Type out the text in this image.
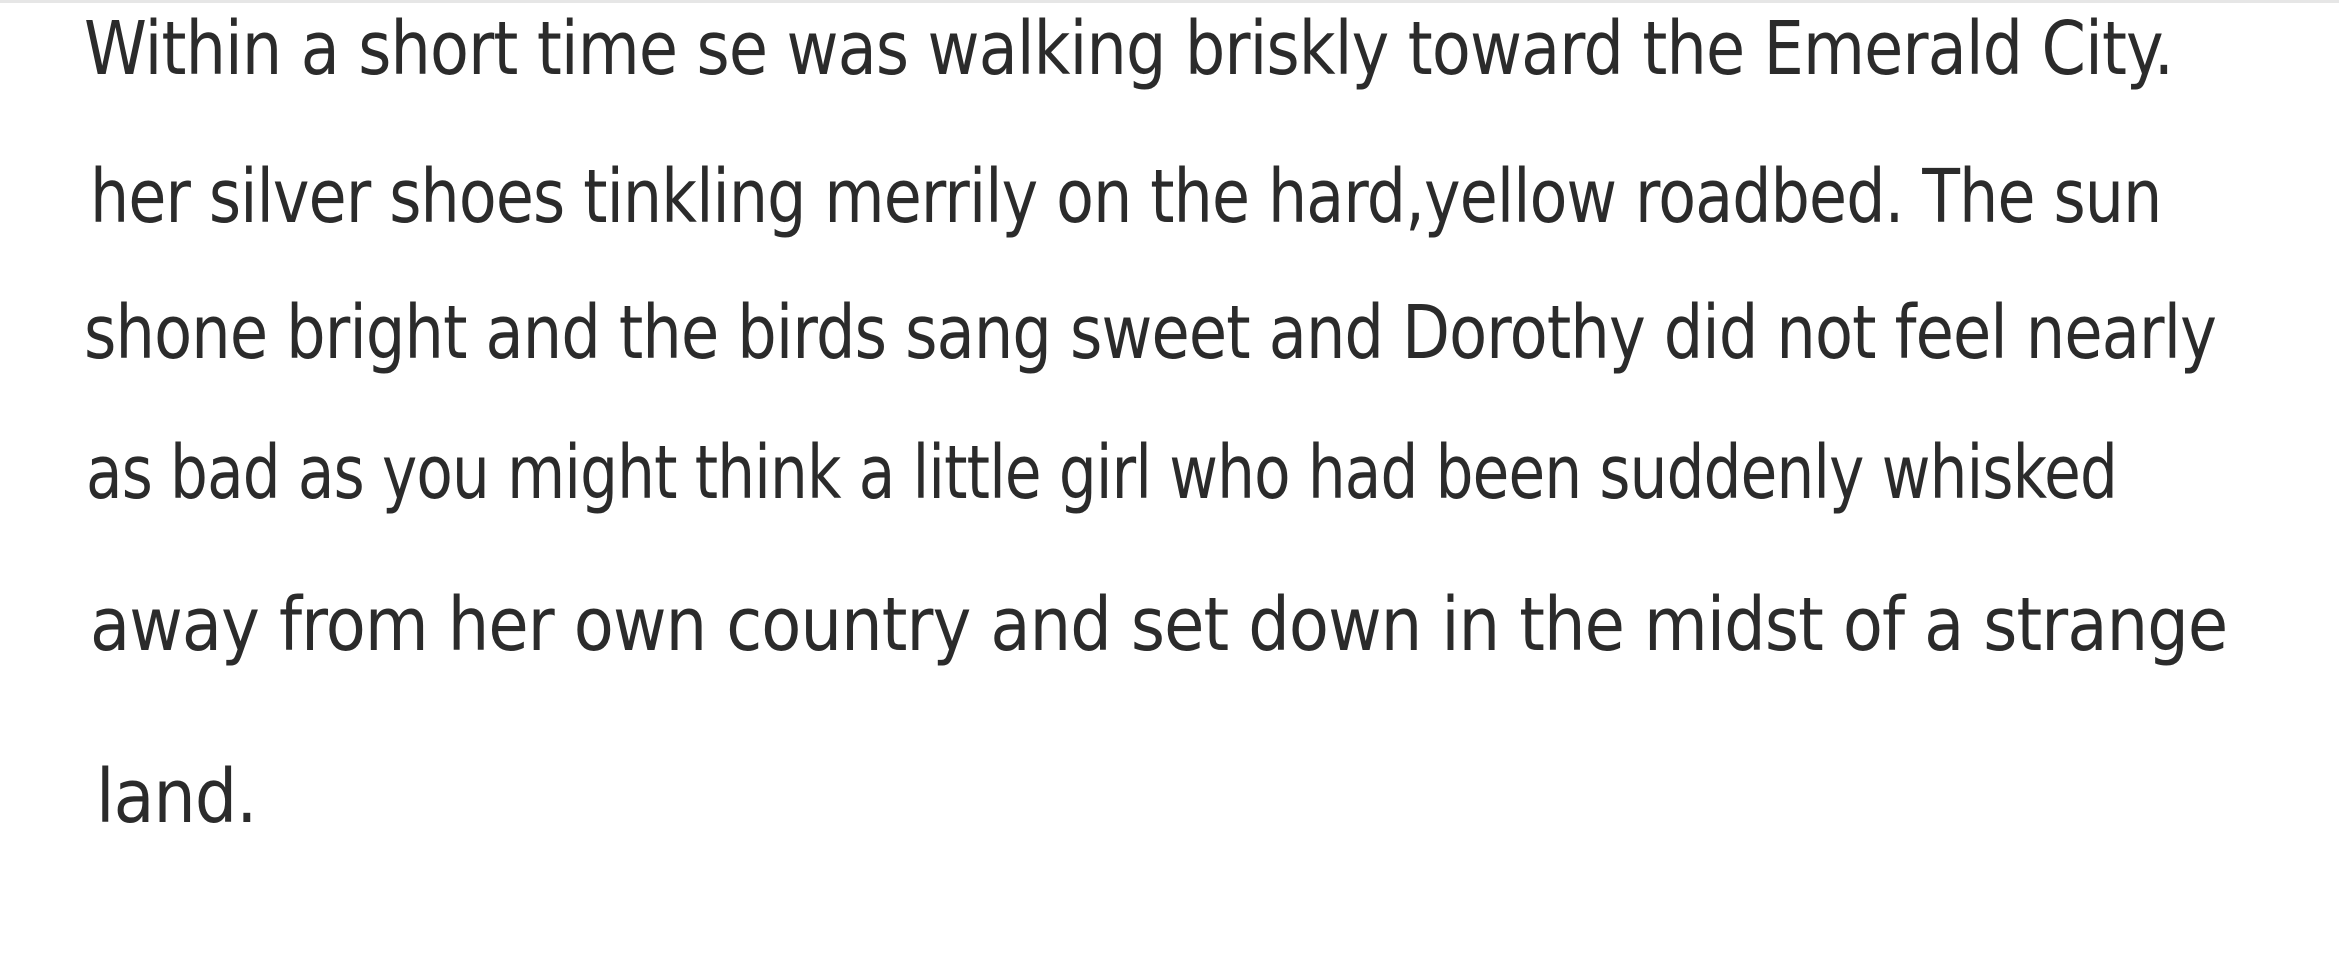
Within a short time se was walking briskly toward the Emerald City.

her silver shoes tinkling merrily on the hard,yellow roadbed. The sun

shone bright and the birds sang sweet and Dorothy did not feel nearly

as bad as you might think a little girl who had been suddenly whisked

away from her own country and set down in the midst of a strange

land.
